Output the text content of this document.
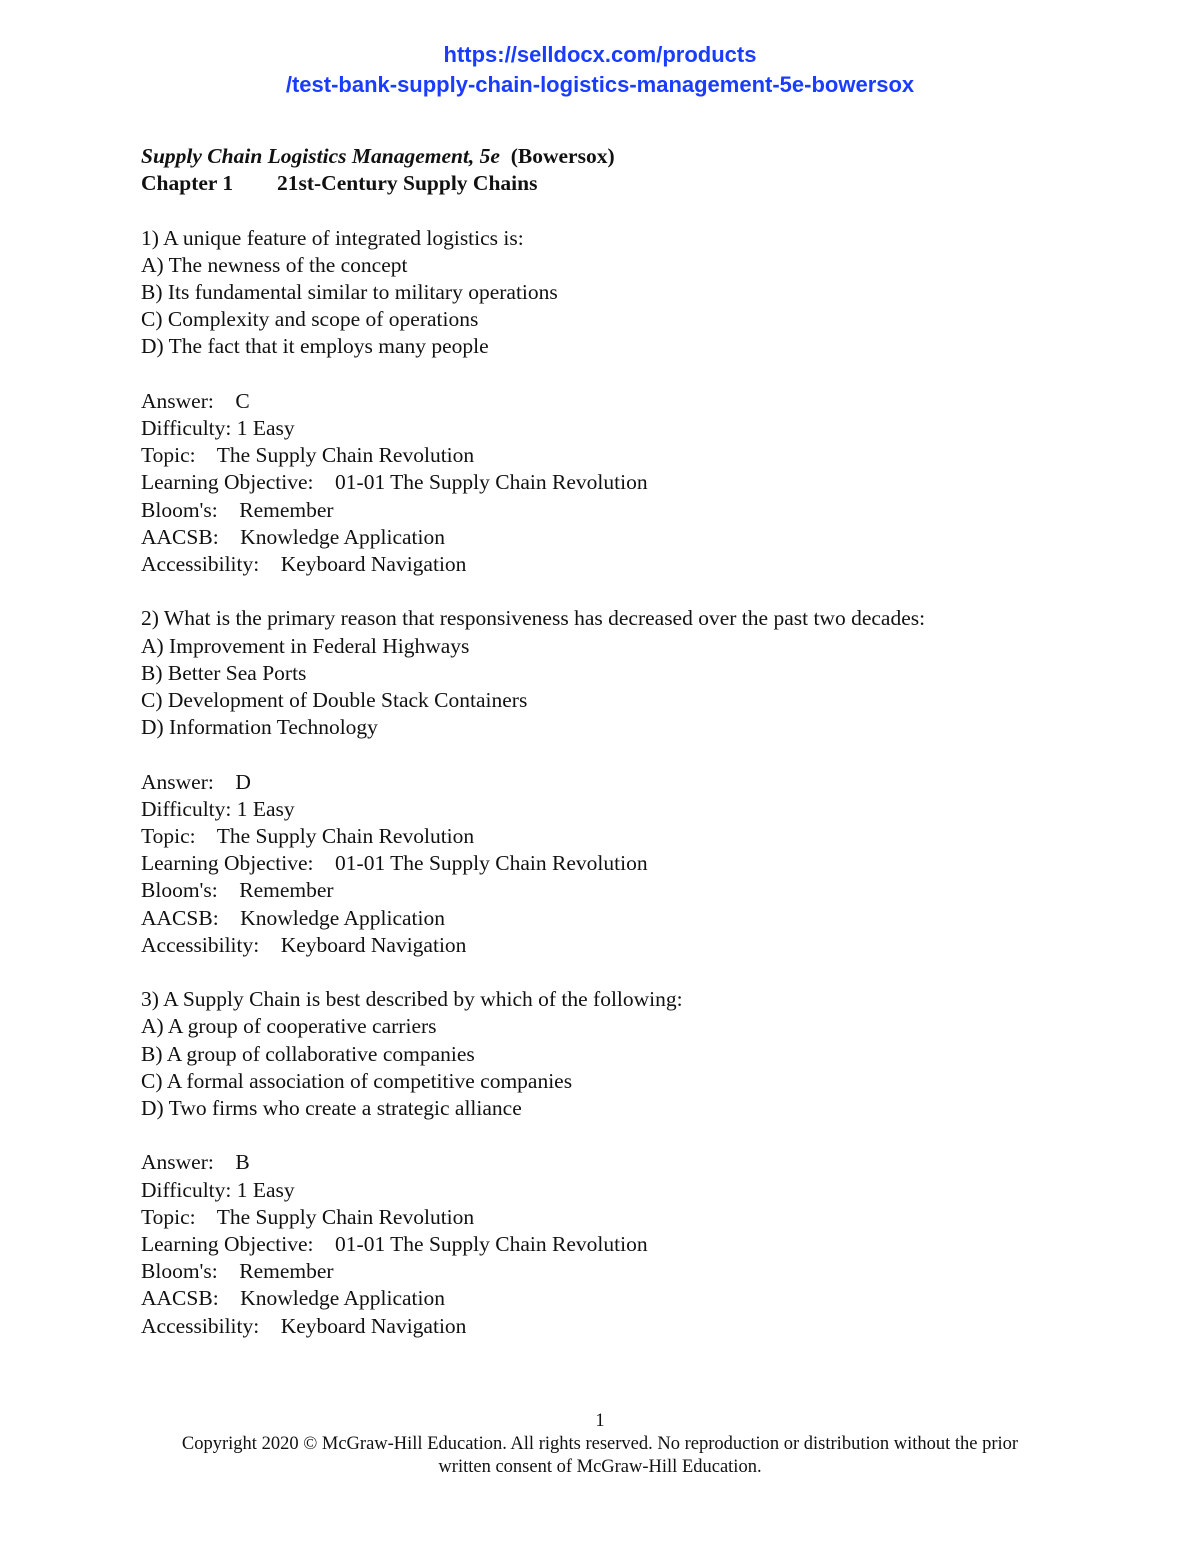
https://selldocx.com/products
/test-bank-supply-chain-logistics-management-5e-bowersox
Supply Chain Logistics Management, 5e (Bowersox)
Chapter 1 21st-Century Supply Chains
1) A unique feature of integrated logistics is:
A) The newness of the concept
B) Its fundamental similar to military operations
C) Complexity and scope of operations
D) The fact that it employs many people
Answer: C
Difficulty: 1 Easy
Topic: The Supply Chain Revolution
Learning Objective: 01-01 The Supply Chain Revolution
Bloom's: Remember
AACSB: Knowledge Application
Accessibility: Keyboard Navigation
2) What is the primary reason that responsiveness has decreased over the past two decades:
A) Improvement in Federal Highways
B) Better Sea Ports
C) Development of Double Stack Containers
D) Information Technology
Answer: D
Difficulty: 1 Easy
Topic: The Supply Chain Revolution
Learning Objective: 01-01 The Supply Chain Revolution
Bloom's: Remember
AACSB: Knowledge Application
Accessibility: Keyboard Navigation
3) A Supply Chain is best described by which of the following:
A) A group of cooperative carriers
B) A group of collaborative companies
C) A formal association of competitive companies
D) Two firms who create a strategic alliance
Answer: B
Difficulty: 1 Easy
Topic: The Supply Chain Revolution
Learning Objective: 01-01 The Supply Chain Revolution
Bloom's: Remember
AACSB: Knowledge Application
Accessibility: Keyboard Navigation
1
Copyright 2020 © McGraw-Hill Education. All rights reserved. No reproduction or distribution without the prior
written consent of McGraw-Hill Education.
